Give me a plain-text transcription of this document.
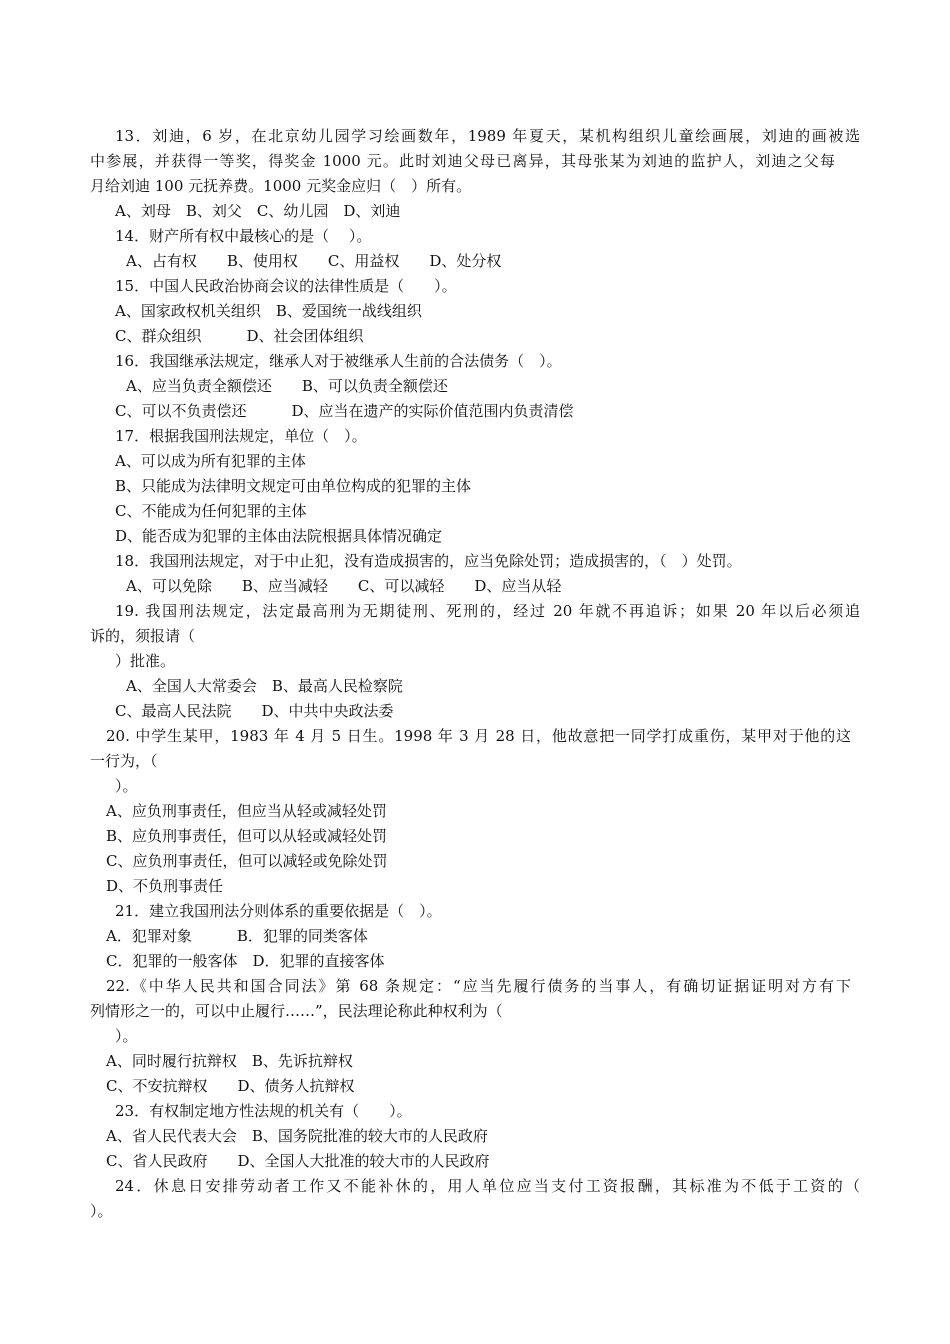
13．刘迪，6 岁，在北京幼儿园学习绘画数年，1989 年夏天，某机构组织儿童绘画展，刘迪的画被选
中参展，并获得一等奖，得奖金 1000 元。此时刘迪父母已离异，其母张某为刘迪的监护人，刘迪之父每
月给刘迪 100 元抚养费。1000 元奖金应归（　）所有。
A、刘母　B、刘父　C、幼儿园　D、刘迪
14．财产所有权中最核心的是（　 ）。
A、占有权　　B、使用权　　C、用益权　　D、处分权
15．中国人民政治协商会议的法律性质是（　　）。
A、国家政权机关组织　B、爱国统一战线组织
C、群众组织　　　D、社会团体组织
16．我国继承法规定，继承人对于被继承人生前的合法债务（　）。
A、应当负责全额偿还　　B、可以负责全额偿还
C、可以不负责偿还　　　D、应当在遗产的实际价值范围内负责清偿
17．根据我国刑法规定，单位（　）。
A、可以成为所有犯罪的主体
B、只能成为法律明文规定可由单位构成的犯罪的主体
C、不能成为任何犯罪的主体
D、能否成为犯罪的主体由法院根据具体情况确定
18．我国刑法规定，对于中止犯，没有造成损害的，应当免除处罚；造成损害的，（　）处罚。
A、可以免除　　B、应当减轻　　C、可以减轻　　D、应当从轻
19. 我国刑法规定，法定最高刑为无期徒刑、死刑的，经过 20 年就不再追诉；如果 20 年以后必须追
诉的，须报请（
）批准。
A、全国人大常委会　B、最高人民检察院
C、最高人民法院　　D、中共中央政法委
20. 中学生某甲，1983 年 4 月 5 日生。1998 年 3 月 28 日，他故意把一同学打成重伤，某甲对于他的这
一行为，（
）。
A、应负刑事责任，但应当从轻或减轻处罚
B、应负刑事责任，但可以从轻或减轻处罚
C、应负刑事责任，但可以减轻或免除处罚
D、不负刑事责任
21．建立我国刑法分则体系的重要依据是（　）。
A．犯罪对象　　　B．犯罪的同类客体
C．犯罪的一般客体　D．犯罪的直接客体
22.《中华人民共和国合同法》第 68 条规定：“应当先履行债务的当事人，有确切证据证明对方有下
列情形之一的，可以中止履行……”，民法理论称此种权利为（
）。
A、同时履行抗辩权　B、先诉抗辩权
C、不安抗辩权　　D、债务人抗辩权
23．有权制定地方性法规的机关有（　　）。
A、省人民代表大会　B、国务院批准的较大市的人民政府
C、省人民政府　　D、全国人大批准的较大市的人民政府
24．休息日安排劳动者工作又不能补休的，用人单位应当支付工资报酬，其标准为不低于工资的（
）。
